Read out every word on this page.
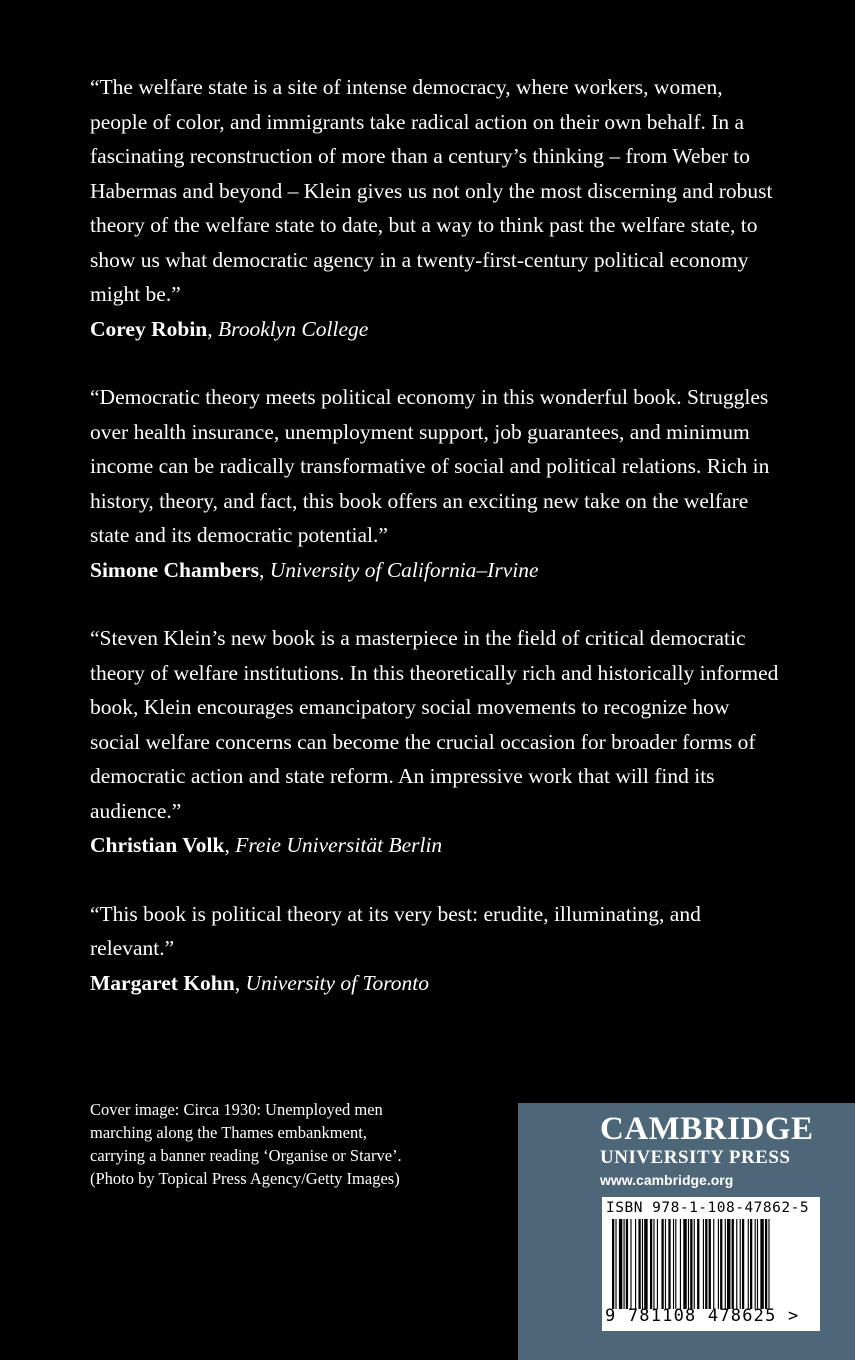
“The welfare state is a site of intense democracy, where workers, women, people of color, and immigrants take radical action on their own behalf. In a fascinating reconstruction of more than a century’s thinking – from Weber to Habermas and beyond – Klein gives us not only the most discerning and robust theory of the welfare state to date, but a way to think past the welfare state, to show us what democratic agency in a twenty-first-century political economy might be.”

Corey Robin, Brooklyn College

“Democratic theory meets political economy in this wonderful book. Struggles over health insurance, unemployment support, job guarantees, and minimum income can be radically transformative of social and political relations. Rich in history, theory, and fact, this book offers an exciting new take on the welfare state and its democratic potential.”

Simone Chambers, University of California–Irvine

“Steven Klein’s new book is a masterpiece in the field of critical democratic theory of welfare institutions. In this theoretically rich and historically informed book, Klein encourages emancipatory social movements to recognize how social welfare concerns can become the crucial occasion for broader forms of democratic action and state reform. An impressive work that will find its audience.”

Christian Volk, Freie Universität Berlin

“This book is political theory at its very best: erudite, illuminating, and relevant.”

Margaret Kohn, University of Toronto

Cover image: Circa 1930: Unemployed men
marching along the Thames embankment,
carrying a banner reading ‘Organise or Starve’.
(Photo by Topical Press Agency/Getty Images)
CAMBRIDGE
UNIVERSITY PRESS
www.cambridge.org
ISBN 978-1-108-47862-5
9 781108 478625 >
